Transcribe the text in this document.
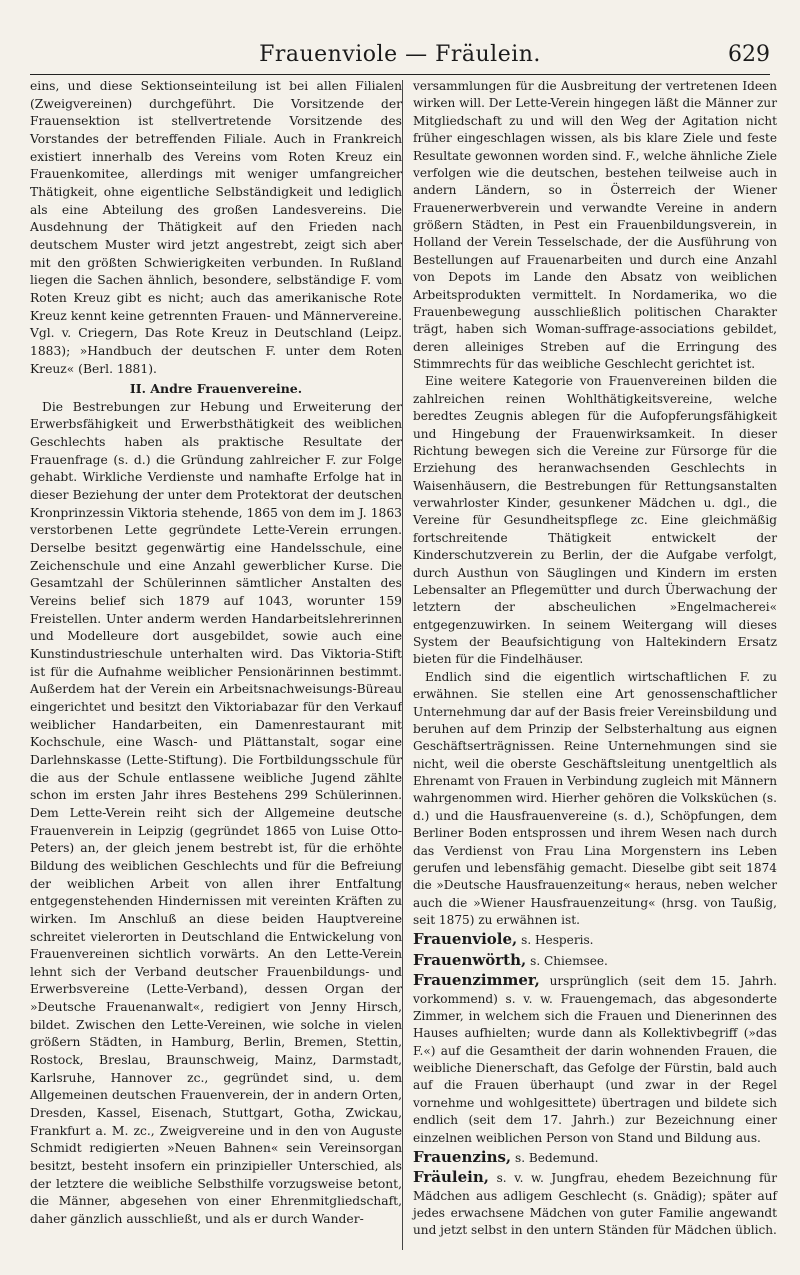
Frauenviole — Fräulein.	629

eins, und diese Sektionseinteilung ist bei allen Filialen (Zweigvereinen) durchgeführt. Die Vorsitzende der Frauensektion ist stellvertretende Vorsitzende des Vorstandes der betreffenden Filiale. Auch in Frankreich existiert innerhalb des Vereins vom Roten Kreuz ein Frauenkomitee, allerdings mit weniger umfangreicher Thätigkeit, ohne eigentliche Selbständigkeit und lediglich als eine Abteilung des großen Landesvereins. Die Ausdehnung der Thätigkeit auf den Frieden nach deutschem Muster wird jetzt angestrebt, zeigt sich aber mit den größten Schwierigkeiten verbunden. In Rußland liegen die Sachen ähnlich, besondere, selbständige F. vom Roten Kreuz gibt es nicht; auch das amerikanische Rote Kreuz kennt keine getrennten Frauen- und Männervereine. Vgl. v. Criegern, Das Rote Kreuz in Deutschland (Leipz. 1883); »Handbuch der deutschen F. unter dem Roten Kreuz« (Berl. 1881).

II. Andre Frauenvereine.

Die Bestrebungen zur Hebung und Erweiterung der Erwerbsfähigkeit und Erwerbsthätigkeit des weiblichen Geschlechts haben als praktische Resultate der Frauenfrage (s. d.) die Gründung zahlreicher F. zur Folge gehabt. Wirkliche Verdienste und namhafte Erfolge hat in dieser Beziehung der unter dem Protektorat der deutschen Kronprinzessin Viktoria stehende, 1865 von dem im J. 1863 verstorbenen Lette gegründete Lette-Verein errungen. Derselbe besitzt gegenwärtig eine Handelsschule, eine Zeichenschule und eine Anzahl gewerblicher Kurse. Die Gesamtzahl der Schülerinnen sämtlicher Anstalten des Vereins belief sich 1879 auf 1043, worunter 159 Freistellen. Unter anderm werden Handarbeitslehrerinnen und Modelleure dort ausgebildet, sowie auch eine Kunstindustrieschule unterhalten wird. Das Viktoria-Stift ist für die Aufnahme weiblicher Pensionärinnen bestimmt. Außerdem hat der Verein ein Arbeitsnachweisungs-Büreau eingerichtet und besitzt den Viktoriabazar für den Verkauf weiblicher Handarbeiten, ein Damenrestaurant mit Kochschule, eine Wasch- und Plättanstalt, sogar eine Darlehnskasse (Lette-Stiftung). Die Fortbildungsschule für die aus der Schule entlassene weibliche Jugend zählte schon im ersten Jahr ihres Bestehens 299 Schülerinnen. Dem Lette-Verein reiht sich der Allgemeine deutsche Frauenverein in Leipzig (gegründet 1865 von Luise Otto-Peters) an, der gleich jenem bestrebt ist, für die erhöhte Bildung des weiblichen Geschlechts und für die Befreiung der weiblichen Arbeit von allen ihrer Entfaltung entgegenstehenden Hindernissen mit vereinten Kräften zu wirken. Im Anschluß an diese beiden Hauptvereine schreitet vielerorten in Deutschland die Entwickelung von Frauenvereinen sichtlich vorwärts. An den Lette-Verein lehnt sich der Verband deutscher Frauenbildungs- und Erwerbsvereine (Lette-Verband), dessen Organ der »Deutsche Frauenanwalt«, redigiert von Jenny Hirsch, bildet. Zwischen den Lette-Vereinen, wie solche in vielen größern Städten, in Hamburg, Berlin, Bremen, Stettin, Rostock, Breslau, Braunschweig, Mainz, Darmstadt, Karlsruhe, Hannover zc., gegründet sind, u. dem Allgemeinen deutschen Frauenverein, der in andern Orten, Dresden, Kassel, Eisenach, Stuttgart, Gotha, Zwickau, Frankfurt a. M. zc., Zweigvereine und in den von Auguste Schmidt redigierten »Neuen Bahnen« sein Vereinsorgan besitzt, besteht insofern ein prinzipieller Unterschied, als der letztere die weibliche Selbsthilfe vorzugsweise betont, die Männer, abgesehen von einer Ehrenmitgliedschaft, daher gänzlich ausschließt, und als er durch Wander-

versammlungen für die Ausbreitung der vertretenen Ideen wirken will. Der Lette-Verein hingegen läßt die Männer zur Mitgliedschaft zu und will den Weg der Agitation nicht früher eingeschlagen wissen, als bis klare Ziele und feste Resultate gewonnen worden sind. F., welche ähnliche Ziele verfolgen wie die deutschen, bestehen teilweise auch in andern Ländern, so in Österreich der Wiener Frauenerwerbverein und verwandte Vereine in andern größern Städten, in Pest ein Frauenbildungsverein, in Holland der Verein Tesselschade, der die Ausführung von Bestellungen auf Frauenarbeiten und durch eine Anzahl von Depots im Lande den Absatz von weiblichen Arbeitsprodukten vermittelt. In Nordamerika, wo die Frauenbewegung ausschließlich politischen Charakter trägt, haben sich Woman-suffrage-associations gebildet, deren alleiniges Streben auf die Erringung des Stimmrechts für das weibliche Geschlecht gerichtet ist.

Eine weitere Kategorie von Frauenvereinen bilden die zahlreichen reinen Wohlthätigkeitsvereine, welche beredtes Zeugnis ablegen für die Aufopferungsfähigkeit und Hingebung der Frauenwirksamkeit. In dieser Richtung bewegen sich die Vereine zur Fürsorge für die Erziehung des heranwachsenden Geschlechts in Waisenhäusern, die Bestrebungen für Rettungsanstalten verwahrloster Kinder, gesunkener Mädchen u. dgl., die Vereine für Gesundheitspflege zc. Eine gleichmäßig fortschreitende Thätigkeit entwickelt der Kinderschutzverein zu Berlin, der die Aufgabe verfolgt, durch Austhun von Säuglingen und Kindern im ersten Lebensalter an Pflegemütter und durch Überwachung der letztern der abscheulichen »Engelmacherei« entgegenzuwirken. In seinem Weitergang will dieses System der Beaufsichtigung von Haltekindern Ersatz bieten für die Findelhäuser.

Endlich sind die eigentlich wirtschaftlichen F. zu erwähnen. Sie stellen eine Art genossenschaftlicher Unternehmung dar auf der Basis freier Vereinsbildung und beruhen auf dem Prinzip der Selbsterhaltung aus eignen Geschäftserträgnissen. Reine Unternehmungen sind sie nicht, weil die oberste Geschäftsleitung unentgeltlich als Ehrenamt von Frauen in Verbindung zugleich mit Männern wahrgenommen wird. Hierher gehören die Volksküchen (s. d.) und die Hausfrauenvereine (s. d.), Schöpfungen, dem Berliner Boden entsprossen und ihrem Wesen nach durch das Verdienst von Frau Lina Morgenstern ins Leben gerufen und lebensfähig gemacht. Dieselbe gibt seit 1874 die »Deutsche Hausfrauenzeitung« heraus, neben welcher auch die »Wiener Hausfrauenzeitung« (hrsg. von Taußig, seit 1875) zu erwähnen ist.

Frauenviole, s. Hesperis.

Frauenwörth, s. Chiemsee.

Frauenzimmer, ursprünglich (seit dem 15. Jahrh. vorkommend) s. v. w. Frauengemach, das abgesonderte Zimmer, in welchem sich die Frauen und Dienerinnen des Hauses aufhielten; wurde dann als Kollektivbegriff (»das F.«) auf die Gesamtheit der darin wohnenden Frauen, die weibliche Dienerschaft, das Gefolge der Fürstin, bald auch auf die Frauen überhaupt (und zwar in der Regel vornehme und wohlgesittete) übertragen und bildete sich endlich (seit dem 17. Jahrh.) zur Bezeichnung einer einzelnen weiblichen Person von Stand und Bildung aus.

Frauenzins, s. Bedemund.

Fräulein, s. v. w. Jungfrau, ehedem Bezeichnung für Mädchen aus adligem Geschlecht (s. Gnädig); später auf jedes erwachsene Mädchen von guter Familie angewandt und jetzt selbst in den untern Ständen für Mädchen üblich.
